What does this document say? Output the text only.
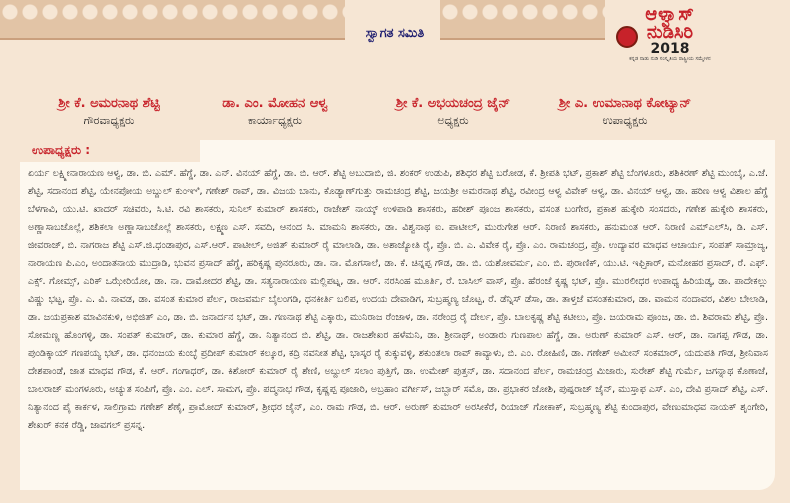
ಸ್ವಾಗತ ಸಮಿತಿ
ಆಳ್ವಾಸ್
ನುಡಿಸಿರಿ
2018
ಕನ್ನಡ ನಾಡು ನುಡಿ ಸಂಸ್ಕೃತಿಯ ರಾಷ್ಟ್ರೀಯ ಸಮ್ಮೇಳನ
ಶ್ರೀ ಕೆ. ಅಮರನಾಥ ಶೆಟ್ಟಿ
ಗೌರವಾಧ್ಯಕ್ಷರು
ಡಾ. ಎಂ. ಮೋಹನ ಆಳ್ವ
ಕಾರ್ಯಾಧ್ಯಕ್ಷರು
ಶ್ರೀ ಕೆ. ಅಭಯಚಂದ್ರ ಜೈನ್
ಅಧ್ಯಕ್ಷರು
ಶ್ರೀ ಎ. ಉಮಾನಾಥ ಕೋಟ್ಯಾನ್
ಉಪಾಧ್ಯಕ್ಷರು
ಉಪಾಧ್ಯಕ್ಷರು :
ಏರ್ಯ ಲಕ್ಷ್ಮೀನಾರಾಯಣ ಆಳ್ವ, ಡಾ. ಬಿ. ಎಮ್. ಹೆಗ್ಡೆ, ಡಾ. ಎನ್. ವಿನಯ್ ಹೆಗ್ಡೆ, ಡಾ. ಬಿ. ಆರ್. ಶೆಟ್ಟಿ ಅಬುದಾಬಿ, ಜಿ. ಶಂಕರ್ ಉಡುಪಿ, ಶಶಿಧರ ಶೆಟ್ಟಿ ಬರೋಡ, ಕೆ. ಶ್ರೀಪತಿ ಭಟ್, ಪ್ರಕಾಶ್ ಶೆಟ್ಟಿ ಬೆಂಗಳೂರು, ಶಶಿಕಿರಣ್ ಶೆಟ್ಟಿ ಮುಂಬೈ, ಎ.ಜೆ. ಶೆಟ್ಟಿ, ಸದಾನಂದ ಶೆಟ್ಟಿ, ಯೇನಪೋಯ ಅಬ್ದುಲ್ ಕುಂಞಿ, ಗಣೇಶ್ ರಾವ್, ಡಾ. ವಿಜಯ ಬಾನು, ಕೊಡ್ಯಾಣ್‌ಗುತ್ತು ರಾಮಚಂದ್ರ ಶೆಟ್ಟಿ, ಜಯಶ್ರೀ ಅಮರನಾಥ ಶೆಟ್ಟಿ, ರವೀಂದ್ರ ಆಳ್ವ ವಿವೇಕ್ ಆಳ್ವ, ಡಾ. ವಿನಯ್ ಆಳ್ವ, ಡಾ. ಹರಿಣ ಆಳ್ವ ವಿಶಾಲ ಹೆಗ್ಡೆ ಬೆಳಗಾವಿ, ಯು.ಟಿ. ಖಾದರ್ ಸಚಿವರು, ಸಿ.ಟಿ. ರವಿ ಶಾಸಕರು, ಸುನಿಲ್ ಕುಮಾರ್ ಶಾಸಕರು, ರಾಜೇಶ್ ನಾಯ್ಕ್ ಉಳಿಪಾಡಿ ಶಾಸಕರು, ಹರೀಶ್ ಪೂಂಜ ಶಾಸಕರು, ವಸಂತ ಬಂಗೇರ, ಪ್ರಕಾಶ ಹುಕ್ಕೇರಿ ಸಂಸದರು, ಗಣೇಶ ಹುಕ್ಕೇರಿ ಶಾಸಕರು, ಅಣ್ಣಾಸಾಬಜೊಲ್ಲೆ, ಶಶಿಕಲಾ ಅಣ್ಣಾಸಾಬಜೊಲ್ಲೆ ಶಾಸಕರು, ಲಕ್ಷ್ಮಣ ಎಸ್. ಸವದಿ, ಆನಂದ ಸಿ. ಮಾಮನಿ ಶಾಸಕರು, ಡಾ. ವಿಶ್ವನಾಥ ಐ. ಪಾಟೀಲ್, ಮುರುಗೇಶ ಆರ್. ನಿರಾಣಿ ಶಾಸಕರು, ಹನುಮಂತ ಆರ್. ನಿರಾಣಿ ಎಮ್‌ಎಲ್‌ಸಿ, ಡಿ. ಎಸ್. ಜೀವರಾಜ್, ಬಿ. ನಾಗರಾಜ ಶೆಟ್ಟಿ ಎಸ್.ಜಿ.ಧಂಡಾಪುರ, ಎಸ್.ಆರ್. ಪಾಟೀಲ್, ಅಜಿತ್ ಕುಮಾರ್ ರೈ ಮಾಲಾಡಿ, ಡಾ. ಅಶಾಜ್ಯೋತಿ ರೈ, ಪ್ರೊ. ಬಿ. ಎ. ವಿವೇಕ ರೈ, ಪ್ರೊ. ಎಂ. ರಾಮಚಂದ್ರ, ಪ್ರೊ. ಉದ್ಯಾವರ ಮಾಧವ ಆಚಾರ್ಯ, ಸಂಪತ್ ಸಾಮ್ರಾಜ್ಯ, ನಾರಾಯಣ ಪಿ.ಎಂ, ಅಂದಾತನಾಯ ಮುದ್ರಾಡಿ, ಭುವನ ಪ್ರಸಾದ್ ಹೆಗ್ಡೆ, ಹರಿಕೃಷ್ಣ ಪುನರೂರು, ಡಾ. ನಾ. ಮೊಗಸಾಲೆ, ಡಾ. ಕೆ. ಚಿನ್ನಪ್ಪ ಗೌಡ, ಡಾ. ಬಿ. ಯಶೋವರ್ಮ, ಎಂ. ಬಿ. ಪುರಾಣಿಕ್, ಯು.ಟಿ. ಇಫ್ತಿಕಾರ್, ಮನೋಹರ ಪ್ರಸಾದ್, ರೆ. ಎಫ್. ಎಕ್ಸ್. ಗೋಮ್ಸ್, ಎರಿಕ್ ಒಝೇರಿಯೋ, ಡಾ. ನಾ. ದಾಮೋದರ ಶೆಟ್ಟಿ, ಡಾ. ಸತ್ಯನಾರಾಯಣ ಮಲ್ಲಿಪಟ್ನ, ಡಾ. ಆರ್. ನರಸಿಂಹ ಮೂರ್ತಿ, ರೆ. ಬಾಸಿಲ್ ವಾಸ್, ಪ್ರೊ. ಹೆರಂಜೆ ಕೃಷ್ಣ ಭಟ್, ಪ್ರೊ. ಮುರಲೀಧರ ಉಪಾಧ್ಯ ಹಿರಿಯಡ್ಕ, ಡಾ. ಪಾದೇಕಲ್ಲು ವಿಷ್ಣು ಭಟ್ಟ, ಪ್ರೊ. ಎ. ವಿ. ನಾವಡ, ಡಾ. ವಸಂತ ಕುಮಾರ ಪೆರ್ಲ, ರಾಜವರ್ಮ ಬೈಲಂಗಡಿ, ಧನಕೀರ್ತಿ ಬಲಿಪ, ಉದಯ ದೇವಾಡಿಗ, ಸುಬ್ರಹ್ಮಣ್ಯ ಚೊಟ್ಟ, ರೆ. ಡೆನ್ನಿಸ್ ಡೆಸಾ, ಡಾ. ತಾಳ್ತಜೆ ವಸಂತಕುಮಾರ, ಡಾ. ವಾಮನ ನಂದಾವರ, ವಿಶಲ ಬೇಲಾಡಿ, ಡಾ. ಜಯಪ್ರಕಾಶ ಮಾವಿನಕುಳಿ, ಅಭಿಜಿತ್ ಎಂ, ಡಾ. ಬಿ. ಜನಾರ್ದನ ಭಟ್, ಡಾ. ಗಣನಾಥ ಶೆಟ್ಟಿ ಎಕ್ಕಾರು, ಮುನಿರಾಜ ರೆಂಜಾಳ, ಡಾ. ನರೇಂದ್ರ ರೈ ದೇರ್ಲ, ಪ್ರೊ. ಬಾಲಕೃಷ್ಣ ಶೆಟ್ಟಿ ಕಟೀಲು, ಪ್ರೊ. ಜಯರಾಮ ಪೂಂಜ, ಡಾ. ಬಿ. ಶಿವರಾಮ ಶೆಟ್ಟಿ, ಪ್ರೊ. ಸೋಮಣ್ಣ ಹೊಂಗಳ್ಳಿ, ಡಾ. ಸಂಪತ್ ಕುಮಾರ್, ಡಾ. ಕುಮಾರ ಹೆಗ್ಡೆ, ಡಾ. ನಿತ್ಯಾನಂದ ಬಿ. ಶೆಟ್ಟಿ, ಡಾ. ರಾಜಶೇಖರ ಹಳೆಮನಿ, ಡಾ. ಶ್ರೀನಾಥ್, ಅಂಡಾರು ಗುಣಪಾಲ ಹೆಗ್ಡೆ, ಡಾ. ಅರುಣ್ ಕುಮಾರ್ ಎಸ್. ಆರ್, ಡಾ. ನಾಗಪ್ಪ ಗೌಡ, ಡಾ. ಪುಂಡಿಕ್ಕಾಯ್ ಗಣಪಯ್ಯ ಭಟ್, ಡಾ. ಧನಂಜಯ ಕುಂಬ್ಳೆ ಪ್ರದೀಪ್ ಕುಮಾರ್ ಕಲ್ಕೂರ, ಕದ್ರಿ ನವನೀತ ಶೆಟ್ಟಿ, ಭಾಸ್ಕರ ರೈ ಕುಕ್ಕುವಳ್ಳಿ, ಶಕುಂತಲಾ ರಾವ್ ಕಾವ್ಯಾಳು, ಬಿ. ಎಂ. ರೋಹಿಣಿ, ಡಾ. ಗಣೇಶ್ ಅಮೀನ್ ಸಂಕಮಾರ್, ಯದುಪತಿ ಗೌಡ, ಶ್ರೀನಿವಾಸ ದೇಶಪಾಂಡೆ, ಜಾತ ಮಾಧವ ಗೌಡ, ಕೆ. ಆರ್. ಗಂಗಾಧರ್, ಡಾ. ಕಿಶೋರ್ ಕುಮಾರ್ ರೈ ಶೇಣಿ, ಅಬ್ದುಲ್ ಸಲಾಂ ಪುತ್ತಿಗೆ, ಡಾ. ಉಮೇಶ್ ಪುತ್ತನ್, ಡಾ. ಸದಾನಂದ ಪೆರ್ಲ, ರಾಮಚಂದ್ರ ಮಿಜಾರು, ಸುರೇಶ್ ಶೆಟ್ಟಿ ಗುರ್ಮೆ, ಜಗನ್ನಾಥ ಕೊಣಾಜೆ, ಬಾಲರಾಜ್ ಮಂಗಳೂರು, ಅಚ್ಯುತ ಸಂಪಿಗೆ, ಪ್ರೊ. ಎಂ. ಎಲ್. ಸಾಮಗ, ಪ್ರೊ. ಪದ್ಮನಾಭ ಗೌಡ, ಕೃಷ್ಣಪ್ಪ ಪೂಜಾರಿ, ಅಬ್ರಹಾಂ ವರ್ಗೀಸ್, ಜಬ್ಬಾರ್ ಸಮೊ, ಡಾ. ಪ್ರಭಾಕರ ಜೋಶಿ, ಪುಷ್ಪರಾಜ್ ಜೈನ್, ಮುಸ್ತಾಫ ಎಸ್. ಎಂ, ದೇವಿ ಪ್ರಸಾದ್ ಶೆಟ್ಟಿ, ಎಸ್. ನಿತ್ಯಾನಂದ ಪೈ ಕಾರ್ಕಳ, ಸಾಲಿಗ್ರಾಮ ಗಣೇಶ್ ಶೆಣೈ, ಪ್ರಾಮೋದ್ ಕುಮಾರ್, ಶ್ರೀಧರ ಜೈನ್, ಎಂ. ರಾಮ ಗೌಡ, ಬಿ. ಆರ್. ಅರುಣ್ ಕುಮಾರ್ ಅರಸೀಕೆರೆ, ರಿಯಾಜ್ ಗೋಕಾಕ್, ಸುಬ್ರಹ್ಮಣ್ಯ ಶೆಟ್ಟಿ ಕುಂದಾಪುರ, ವೇಣುಮಾಧವ ನಾಯಕ್ ಶೃಂಗೇರಿ, ಶೇಖರ್ ಕನಕ ರೆಡ್ಡಿ, ಜಾವಗಲ್ ಪ್ರಸನ್ನ.
